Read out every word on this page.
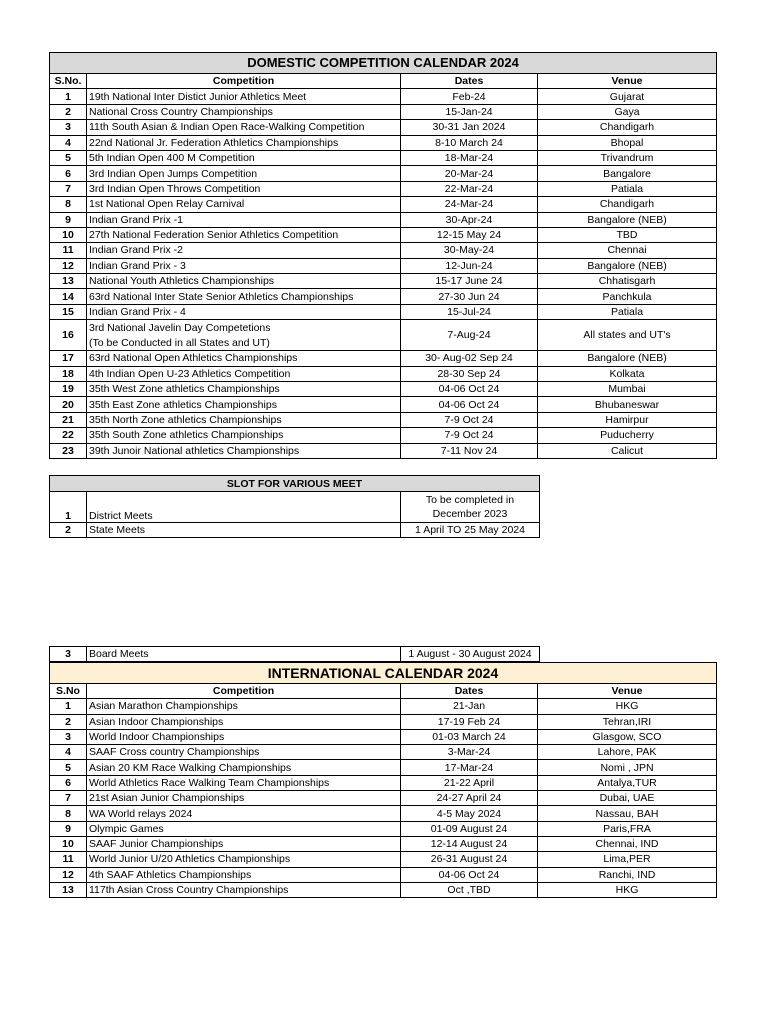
DOMESTIC COMPETITION CALENDAR 2024			
S.No.	Competition	Dates	Venue
1	19th National Inter Distict Junior Athletics Meet	Feb-24	Gujarat
2	National Cross Country Championships	15-Jan-24	Gaya
3	11th South Asian & Indian Open Race-Walking Competition	30-31 Jan 2024	Chandigarh
4	22nd National Jr. Federation Athletics Championships	8-10 March 24	Bhopal
5	5th Indian Open 400 M Competition	18-Mar-24	Trivandrum
6	3rd Indian Open Jumps Competition	20-Mar-24	Bangalore
7	3rd Indian Open Throws Competition	22-Mar-24	Patiala
8	1st National Open Relay Carnival	24-Mar-24	Chandigarh
9	Indian Grand Prix -1	30-Apr-24	Bangalore (NEB)
10	27th National Federation Senior Athletics Competition	12-15 May 24	TBD
11	Indian Grand Prix -2	30-May-24	Chennai
12	Indian Grand Prix - 3	12-Jun-24	Bangalore (NEB)
13	National Youth Athletics Championships	15-17 June 24	Chhatisgarh
14	63rd National Inter State Senior Athletics Championships	27-30 Jun 24	Panchkula
15	Indian Grand Prix - 4	15-Jul-24	Patiala
16	3rd National Javelin Day Competetions
(To be Conducted in all States and UT)	7-Aug-24	All states and UT's
17	63rd National Open Athletics Championships	30- Aug-02 Sep 24	Bangalore (NEB)
18	4th Indian Open U-23 Athletics Competition	28-30 Sep 24	Kolkata
19	35th West Zone athletics Championships	04-06 Oct 24	Mumbai
20	35th East Zone athletics Championships	04-06 Oct 24	Bhubaneswar
21	35th North Zone athletics Championships	7-9 Oct 24	Hamirpur
22	35th South Zone athletics Championships	7-9 Oct 24	Puducherry
23	39th Junoir National athletics Championships	7-11 Nov 24	Calicut
SLOT FOR VARIOUS MEET		
1	District Meets	To be completed in December 2023
2	State Meets	1 April TO 25 May 2024
3	Board Meets	1 August - 30 August 2024
INTERNATIONAL CALENDAR 2024			
S.No	Competition	Dates	Venue
1	Asian Marathon Championships	21-Jan	HKG
2	Asian Indoor Championships	17-19 Feb 24	Tehran,IRI
3	World Indoor Championships	01-03 March 24	Glasgow, SCO
4	SAAF Cross country Championships	3-Mar-24	Lahore, PAK
5	Asian 20 KM Race Walking Championships	17-Mar-24	Nomi , JPN
6	World Athletics Race Walking Team Championships	21-22 April	Antalya,TUR
7	21st Asian Junior Championships	24-27 April 24	Dubai, UAE
8	WA World relays 2024	4-5 May 2024	Nassau, BAH
9	Olympic Games	01-09 August 24	Paris,FRA
10	SAAF Junior Championships	12-14 August 24	Chennai, IND
11	World Junior U/20 Athletics Championships	26-31 August 24	Lima,PER
12	4th SAAF Athletics Championships	04-06 Oct 24	Ranchi, IND
13	117th Asian Cross Country Championships	Oct ,TBD	HKG
